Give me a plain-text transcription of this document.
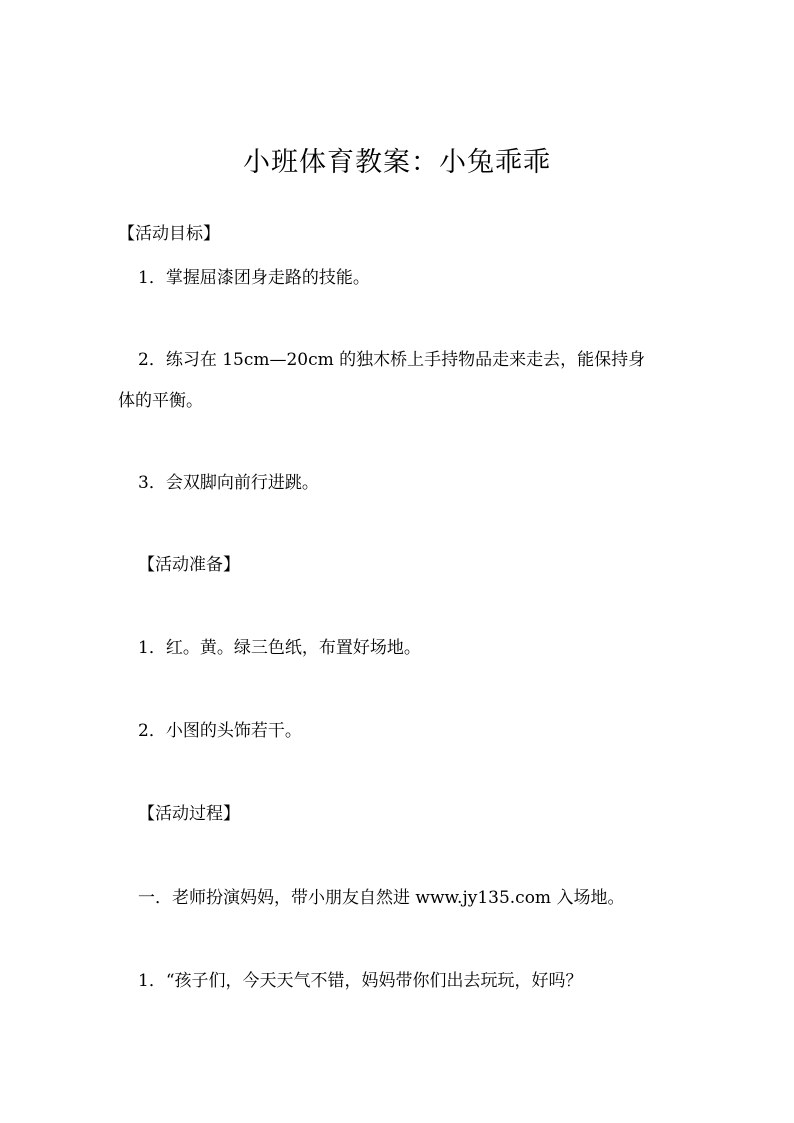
小班体育教案：小兔乖乖
【活动目标】
1．掌握屈漆团身走路的技能。
2．练习在 15cm—20cm 的独木桥上手持物品走来走去，能保持身
体的平衡。
3．会双脚向前行进跳。
【活动准备】
1．红。黄。绿三色纸，布置好场地。
2．小图的头饰若干。
【活动过程】
一．老师扮演妈妈，带小朋友自然进 www.jy135.com 入场地。
1．“孩子们，今天天气不错，妈妈带你们出去玩玩，好吗？
